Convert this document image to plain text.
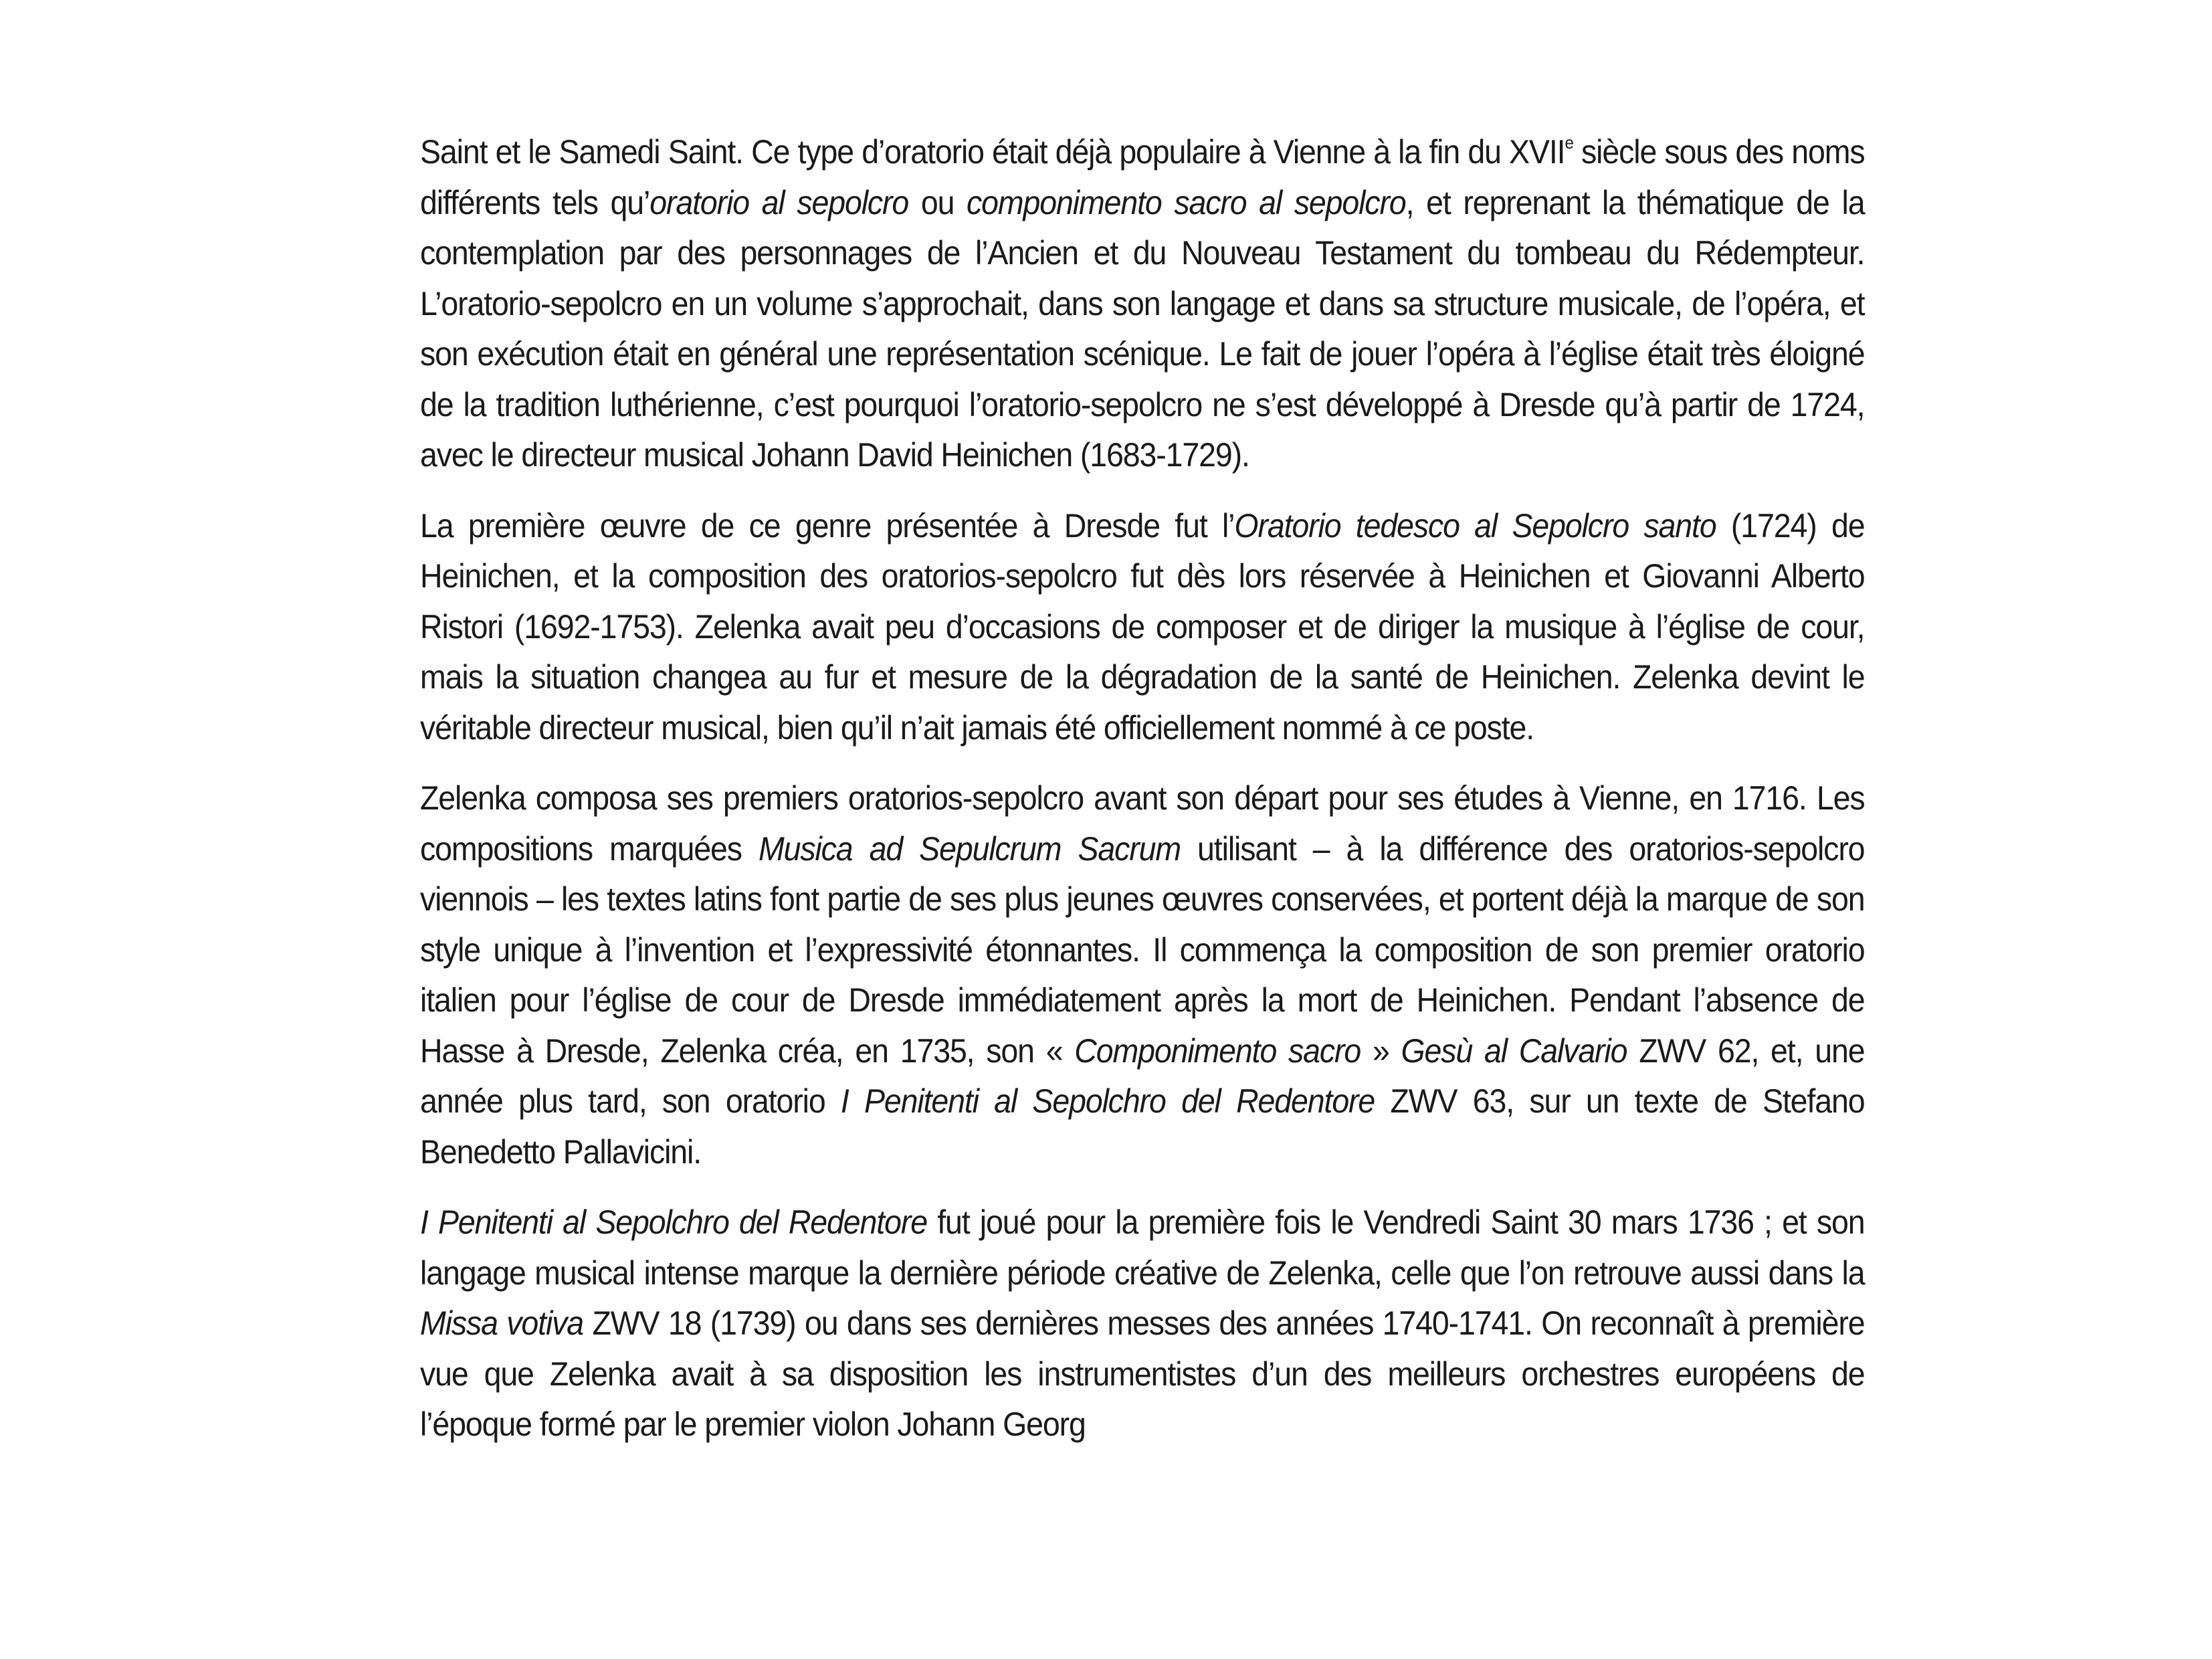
Saint et le Samedi Saint. Ce type d’oratorio était déjà populaire à Vienne à la fin du XVIIe siècle sous des noms différents tels qu’oratorio al sepolcro ou componimento sacro al sepolcro, et reprenant la thématique de la contemplation par des personnages de l’Ancien et du Nouveau Testament du tombeau du Rédempteur. L’oratorio-sepolcro en un volume s’approchait, dans son langage et dans sa structure musicale, de l’opéra, et son exécution était en général une représentation scénique. Le fait de jouer l’opéra à l’église était très éloigné de la tradition luthérienne, c’est pourquoi l’oratorio-sepolcro ne s’est développé à Dresde qu’à partir de 1724, avec le directeur musical Johann David Heinichen (1683-1729).

La première œuvre de ce genre présentée à Dresde fut l’Oratorio tedesco al Sepolcro santo (1724) de Heinichen, et la composition des oratorios-sepolcro fut dès lors réservée à Heinichen et Giovanni Alberto Ristori (1692-1753). Zelenka avait peu d’occasions de composer et de diriger la musique à l’église de cour, mais la situation changea au fur et mesure de la dégradation de la santé de Heinichen. Zelenka devint le véritable directeur musical, bien qu’il n’ait jamais été officiellement nommé à ce poste.

Zelenka composa ses premiers oratorios-sepolcro avant son départ pour ses études à Vienne, en 1716. Les compositions marquées Musica ad Sepulcrum Sacrum utilisant – à la différence des oratorios-sepolcro viennois – les textes latins font partie de ses plus jeunes œuvres conservées, et portent déjà la marque de son style unique à l’invention et l’expressivité étonnantes. Il commença la composition de son premier oratorio italien pour l’église de cour de Dresde immédiatement après la mort de Heinichen. Pendant l’absence de Hasse à Dresde, Zelenka créa, en 1735, son « Componimento sacro » Gesù al Calvario ZWV 62, et, une année plus tard, son oratorio I Penitenti al Sepolchro del Redentore ZWV 63, sur un texte de Stefano Benedetto Pallavicini.

I Penitenti al Sepolchro del Redentore fut joué pour la première fois le Vendredi Saint 30 mars 1736 ; et son langage musical intense marque la dernière période créative de Zelenka, celle que l’on retrouve aussi dans la Missa votiva ZWV 18 (1739) ou dans ses dernières messes des années 1740-1741. On reconnaît à première vue que Zelenka avait à sa disposition les instrumentistes d’un des meilleurs orchestres européens de l’époque formé par le premier violon Johann Georg
